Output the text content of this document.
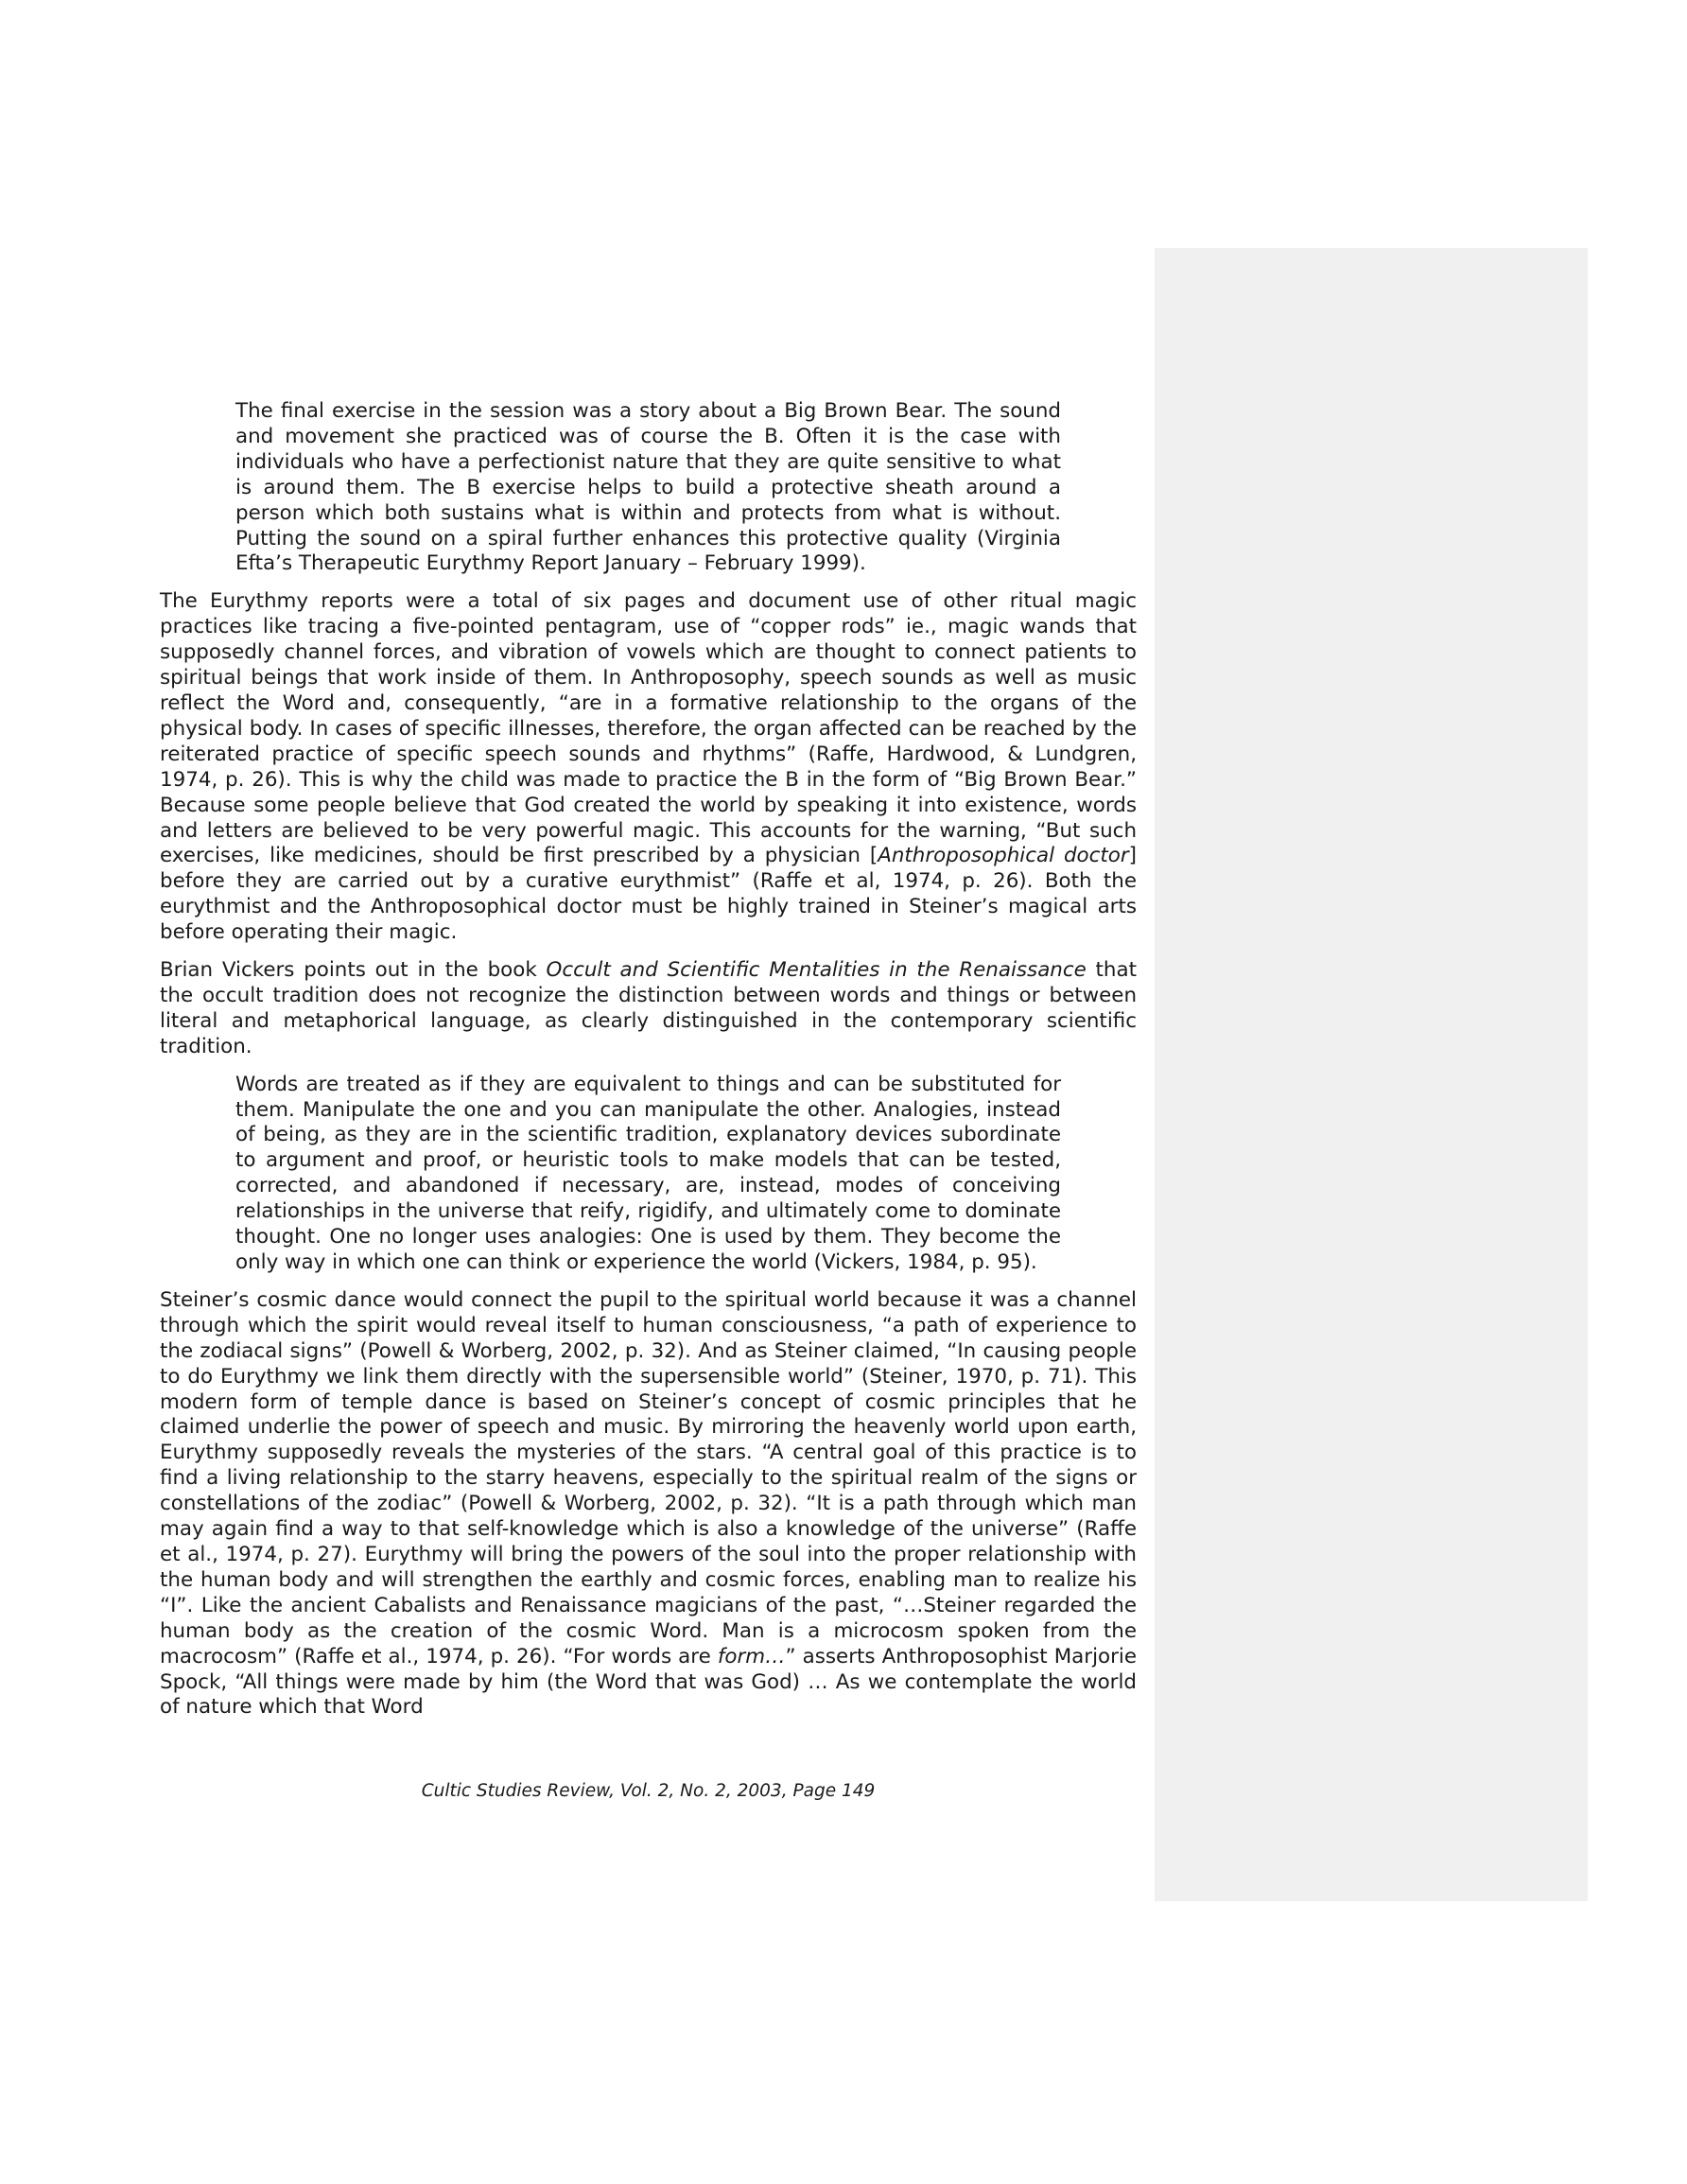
The final exercise in the session was a story about a Big Brown Bear. The sound and movement she practiced was of course the B. Often it is the case with individuals who have a perfectionist nature that they are quite sensitive to what is around them. The B exercise helps to build a protective sheath around a person which both sustains what is within and protects from what is without. Putting the sound on a spiral further enhances this protective quality (Virginia Efta’s Therapeutic Eurythmy Report January – February 1999).

The Eurythmy reports were a total of six pages and document use of other ritual magic practices like tracing a five-pointed pentagram, use of “copper rods” ie., magic wands that supposedly channel forces, and vibration of vowels which are thought to connect patients to spiritual beings that work inside of them. In Anthroposophy, speech sounds as well as music reflect the Word and, consequently, “are in a formative relationship to the organs of the physical body. In cases of specific illnesses, therefore, the organ affected can be reached by the reiterated practice of specific speech sounds and rhythms” (Raffe, Hardwood, & Lundgren, 1974, p. 26). This is why the child was made to practice the B in the form of “Big Brown Bear.” Because some people believe that God created the world by speaking it into existence, words and letters are believed to be very powerful magic. This accounts for the warning, “But such exercises, like medicines, should be first prescribed by a physician [Anthroposophical doctor] before they are carried out by a curative eurythmist” (Raffe et al, 1974, p. 26). Both the eurythmist and the Anthroposophical doctor must be highly trained in Steiner’s magical arts before operating their magic.

Brian Vickers points out in the book Occult and Scientific Mentalities in the Renaissance that the occult tradition does not recognize the distinction between words and things or between literal and metaphorical language, as clearly distinguished in the contemporary scientific tradition.

Words are treated as if they are equivalent to things and can be substituted for them. Manipulate the one and you can manipulate the other. Analogies, instead of being, as they are in the scientific tradition, explanatory devices subordinate to argument and proof, or heuristic tools to make models that can be tested, corrected, and abandoned if necessary, are, instead, modes of conceiving relationships in the universe that reify, rigidify, and ultimately come to dominate thought. One no longer uses analogies: One is used by them. They become the only way in which one can think or experience the world (Vickers, 1984, p. 95).

Steiner’s cosmic dance would connect the pupil to the spiritual world because it was a channel through which the spirit would reveal itself to human consciousness, “a path of experience to the zodiacal signs” (Powell & Worberg, 2002, p. 32). And as Steiner claimed, “In causing people to do Eurythmy we link them directly with the supersensible world” (Steiner, 1970, p. 71). This modern form of temple dance is based on Steiner’s concept of cosmic principles that he claimed underlie the power of speech and music. By mirroring the heavenly world upon earth, Eurythmy supposedly reveals the mysteries of the stars. “A central goal of this practice is to find a living relationship to the starry heavens, especially to the spiritual realm of the signs or constellations of the zodiac” (Powell & Worberg, 2002, p. 32). “It is a path through which man may again find a way to that self-knowledge which is also a knowledge of the universe” (Raffe et al., 1974, p. 27). Eurythmy will bring the powers of the soul into the proper relationship with the human body and will strengthen the earthly and cosmic forces, enabling man to realize his “I”. Like the ancient Cabalists and Renaissance magicians of the past, “…Steiner regarded the human body as the creation of the cosmic Word. Man is a microcosm spoken from the macrocosm” (Raffe et al., 1974, p. 26). “For words are form…” asserts Anthroposophist Marjorie Spock, “All things were made by him (the Word that was God) … As we contemplate the world of nature which that Word

Cultic Studies Review, Vol. 2, No. 2, 2003, Page 149
